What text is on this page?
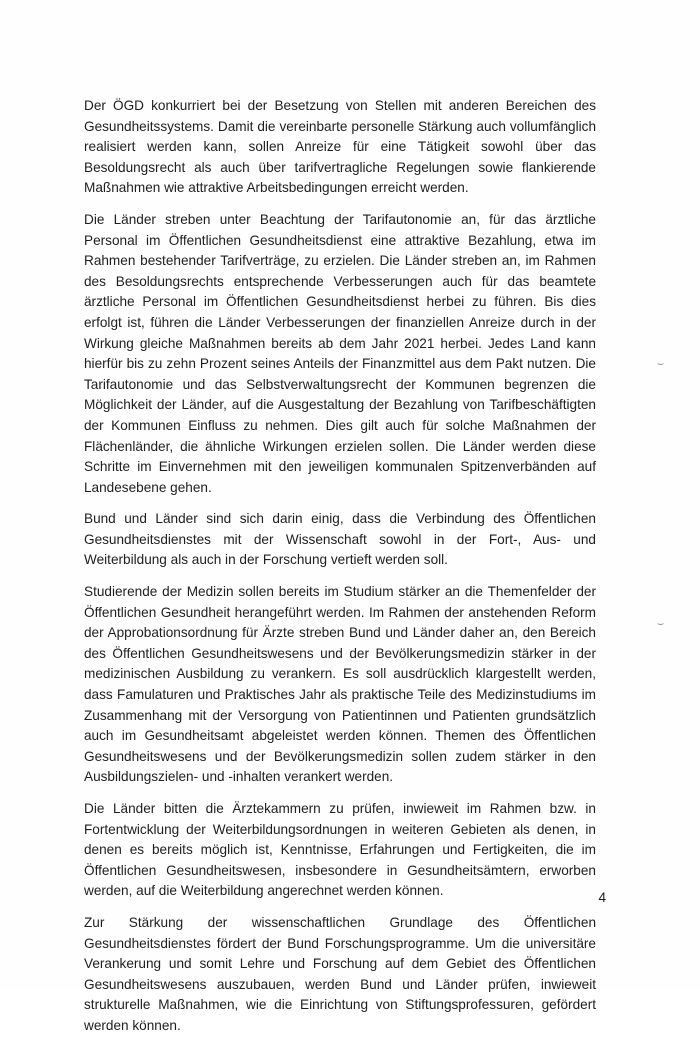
Der ÖGD konkurriert bei der Besetzung von Stellen mit anderen Bereichen des Gesundheitssystems. Damit die vereinbarte personelle Stärkung auch vollumfänglich realisiert werden kann, sollen Anreize für eine Tätigkeit sowohl über das Besoldungsrecht als auch über tarifvertragliche Regelungen sowie flankierende Maßnahmen wie attraktive Arbeitsbedingungen erreicht werden.

Die Länder streben unter Beachtung der Tarifautonomie an, für das ärztliche Personal im Öffentlichen Gesundheitsdienst eine attraktive Bezahlung, etwa im Rahmen bestehender Tarifverträge, zu erzielen. Die Länder streben an, im Rahmen des Besoldungsrechts entsprechende Verbesserungen auch für das beamtete ärztliche Personal im Öffentlichen Gesundheitsdienst herbei zu führen. Bis dies erfolgt ist, führen die Länder Verbesserungen der finanziellen Anreize durch in der Wirkung gleiche Maßnahmen bereits ab dem Jahr 2021 herbei. Jedes Land kann hierfür bis zu zehn Prozent seines Anteils der Finanzmittel aus dem Pakt nutzen. Die Tarifautonomie und das Selbstverwaltungsrecht der Kommunen begrenzen die Möglichkeit der Länder, auf die Ausgestaltung der Bezahlung von Tarifbeschäftigten der Kommunen Einfluss zu nehmen. Dies gilt auch für solche Maßnahmen der Flächenländer, die ähnliche Wirkungen erzielen sollen. Die Länder werden diese Schritte im Einvernehmen mit den jeweiligen kommunalen Spitzenverbänden auf Landesebene gehen.

Bund und Länder sind sich darin einig, dass die Verbindung des Öffentlichen Gesundheitsdienstes mit der Wissenschaft sowohl in der Fort-, Aus- und Weiterbildung als auch in der Forschung vertieft werden soll.

Studierende der Medizin sollen bereits im Studium stärker an die Themenfelder der Öffentlichen Gesundheit herangeführt werden. Im Rahmen der anstehenden Reform der Approbationsordnung für Ärzte streben Bund und Länder daher an, den Bereich des Öffentlichen Gesundheitswesens und der Bevölkerungsmedizin stärker in der medizinischen Ausbildung zu verankern. Es soll ausdrücklich klargestellt werden, dass Famulaturen und Praktisches Jahr als praktische Teile des Medizinstudiums im Zusammenhang mit der Versorgung von Patientinnen und Patienten grundsätzlich auch im Gesundheitsamt abgeleistet werden können. Themen des Öffentlichen Gesundheitswesens und der Bevölkerungsmedizin sollen zudem stärker in den Ausbildungszielen- und -inhalten verankert werden.

Die Länder bitten die Ärztekammern zu prüfen, inwieweit im Rahmen bzw. in Fortentwicklung der Weiterbildungsordnungen in weiteren Gebieten als denen, in denen es bereits möglich ist, Kenntnisse, Erfahrungen und Fertigkeiten, die im Öffentlichen Gesundheitswesen, insbesondere in Gesundheitsämtern, erworben werden, auf die Weiterbildung angerechnet werden können.

Zur Stärkung der wissenschaftlichen Grundlage des Öffentlichen Gesundheitsdienstes fördert der Bund Forschungsprogramme. Um die universitäre Verankerung und somit Lehre und Forschung auf dem Gebiet des Öffentlichen Gesundheitswesens auszubauen, werden Bund und Länder prüfen, inwieweit strukturelle Maßnahmen, wie die Einrichtung von Stiftungsprofessuren, gefördert werden können.

⌣
⌣
4
